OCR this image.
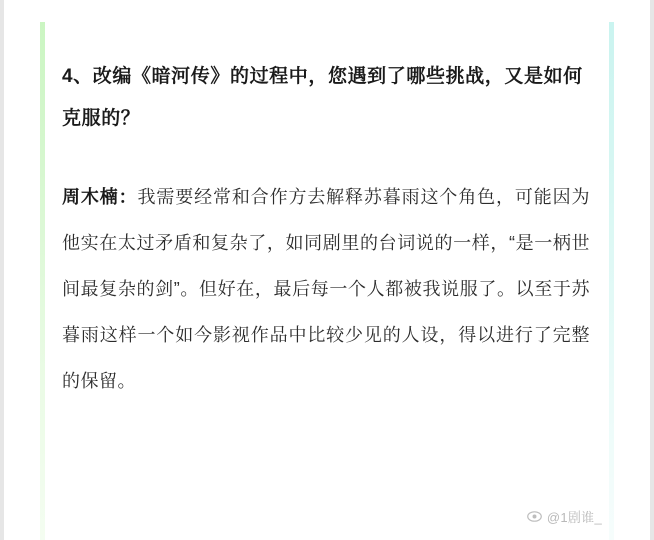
4、改编《暗河传》的过程中，您遇到了哪些挑战，又是如何克服的？

周木楠：我需要经常和合作方去解释苏暮雨这个角色，可能因为他实在太过矛盾和复杂了，如同剧里的台词说的一样，“是一柄世间最复杂的剑”。但好在，最后每一个人都被我说服了。以至于苏暮雨这样一个如今影视作品中比较少见的人设，得以进行了完整的保留。

@1剧谁_
